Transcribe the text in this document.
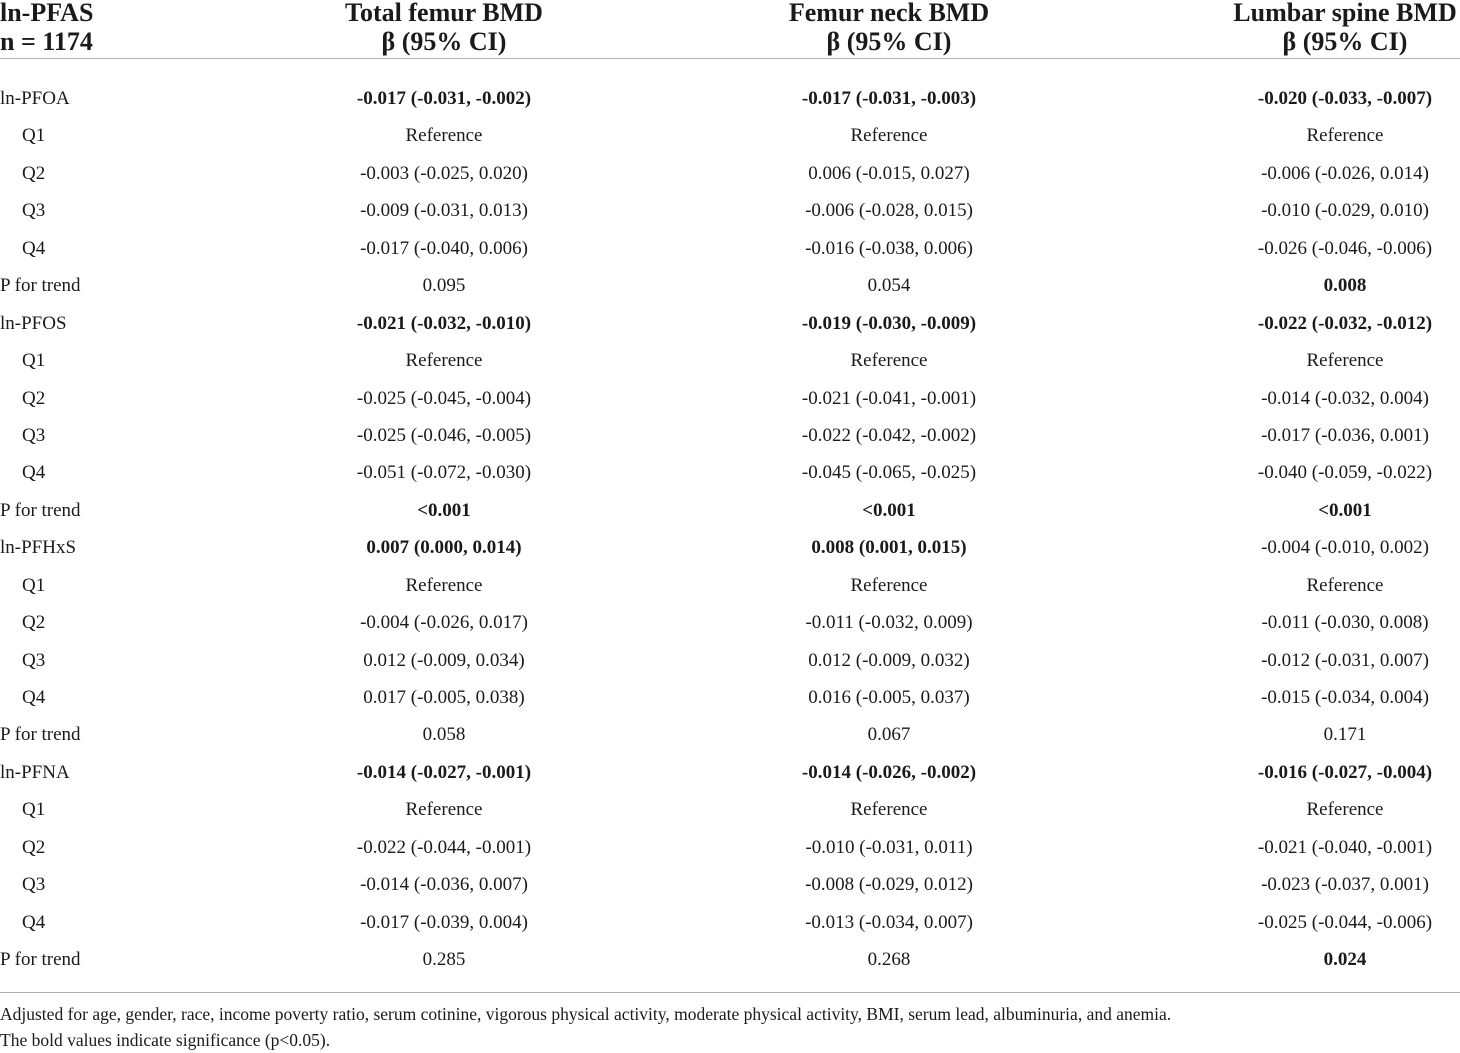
ln-PFAS
n = 1174
Total femur BMD
β (95% CI)
Femur neck BMD
β (95% CI)
Lumbar spine BMD
β (95% CI)
ln-PFOA	-0.017 (-0.031, -0.002)	-0.017 (-0.031, -0.003)	-0.020 (-0.033, -0.007)
Q1	Reference	Reference	Reference
Q2	-0.003 (-0.025, 0.020)	0.006 (-0.015, 0.027)	-0.006 (-0.026, 0.014)
Q3	-0.009 (-0.031, 0.013)	-0.006 (-0.028, 0.015)	-0.010 (-0.029, 0.010)
Q4	-0.017 (-0.040, 0.006)	-0.016 (-0.038, 0.006)	-0.026 (-0.046, -0.006)
P for trend	0.095	0.054	0.008
ln-PFOS	-0.021 (-0.032, -0.010)	-0.019 (-0.030, -0.009)	-0.022 (-0.032, -0.012)
Q1	Reference	Reference	Reference
Q2	-0.025 (-0.045, -0.004)	-0.021 (-0.041, -0.001)	-0.014 (-0.032, 0.004)
Q3	-0.025 (-0.046, -0.005)	-0.022 (-0.042, -0.002)	-0.017 (-0.036, 0.001)
Q4	-0.051 (-0.072, -0.030)	-0.045 (-0.065, -0.025)	-0.040 (-0.059, -0.022)
P for trend	<0.001	<0.001	<0.001
ln-PFHxS	0.007 (0.000, 0.014)	0.008 (0.001, 0.015)	-0.004 (-0.010, 0.002)
Q1	Reference	Reference	Reference
Q2	-0.004 (-0.026, 0.017)	-0.011 (-0.032, 0.009)	-0.011 (-0.030, 0.008)
Q3	0.012 (-0.009, 0.034)	0.012 (-0.009, 0.032)	-0.012 (-0.031, 0.007)
Q4	0.017 (-0.005, 0.038)	0.016 (-0.005, 0.037)	-0.015 (-0.034, 0.004)
P for trend	0.058	0.067	0.171
ln-PFNA	-0.014 (-0.027, -0.001)	-0.014 (-0.026, -0.002)	-0.016 (-0.027, -0.004)
Q1	Reference	Reference	Reference
Q2	-0.022 (-0.044, -0.001)	-0.010 (-0.031, 0.011)	-0.021 (-0.040, -0.001)
Q3	-0.014 (-0.036, 0.007)	-0.008 (-0.029, 0.012)	-0.023 (-0.037, 0.001)
Q4	-0.017 (-0.039, 0.004)	-0.013 (-0.034, 0.007)	-0.025 (-0.044, -0.006)
P for trend	0.285	0.268	0.024
Adjusted for age, gender, race, income poverty ratio, serum cotinine, vigorous physical activity, moderate physical activity, BMI, serum lead, albuminuria, and anemia.
The bold values indicate significance (p<0.05).
